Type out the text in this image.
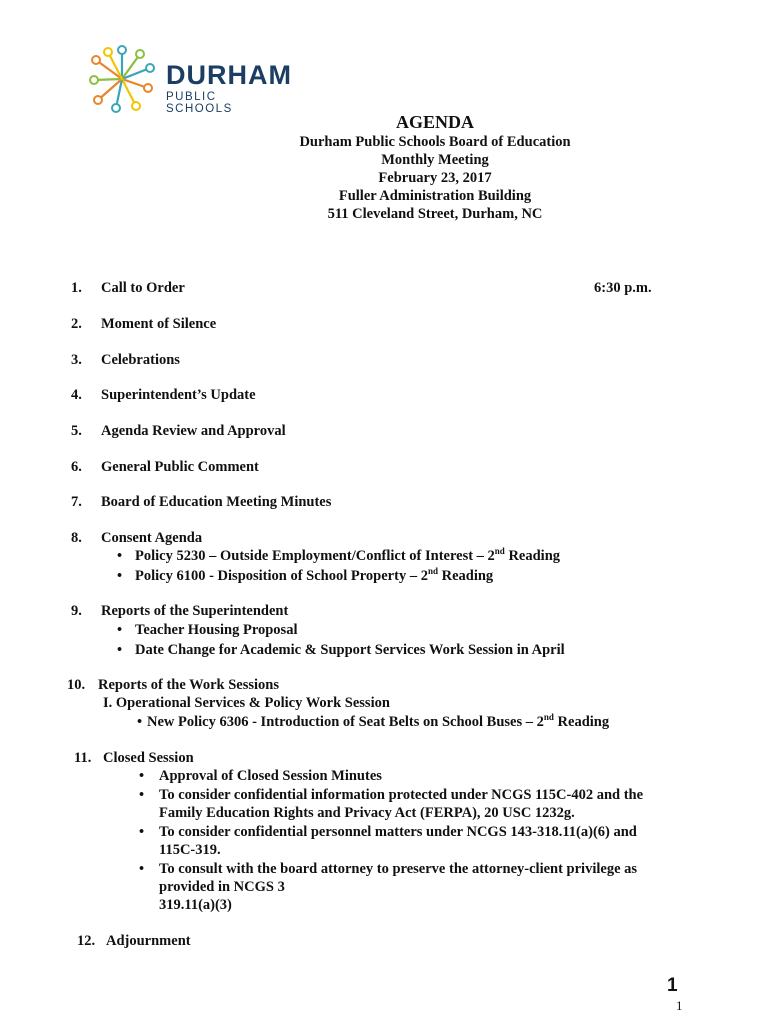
DURHAM
PUBLIC SCHOOLS
AGENDA
Durham Public Schools Board of Education
Monthly Meeting
February 23, 2017
Fuller Administration Building
511 Cleveland Street, Durham, NC
1. Call to Order	6:30 p.m.
2. Moment of Silence
3. Celebrations
4. Superintendent’s Update
5. Agenda Review and Approval
6. General Public Comment
7. Board of Education Meeting Minutes
8. Consent Agenda
• Policy 5230 – Outside Employment/Conflict of Interest – 2nd Reading
• Policy 6100 - Disposition of School Property – 2nd Reading
9. Reports of the Superintendent
• Teacher Housing Proposal
• Date Change for Academic & Support Services Work Session in April
10. Reports of the Work Sessions
I. Operational Services & Policy Work Session
• New Policy 6306 - Introduction of Seat Belts on School Buses – 2nd Reading
11. Closed Session
• Approval of Closed Session Minutes
• To consider confidential information protected under NCGS 115C-402 and the
Family Education Rights and Privacy Act (FERPA), 20 USC 1232g.
• To consider confidential personnel matters under NCGS 143-318.11(a)(6) and
115C-319.
• To consult with the board attorney to preserve the attorney-client privilege as
provided in NCGS 3
319.11(a)(3)
12. Adjournment
1
1
